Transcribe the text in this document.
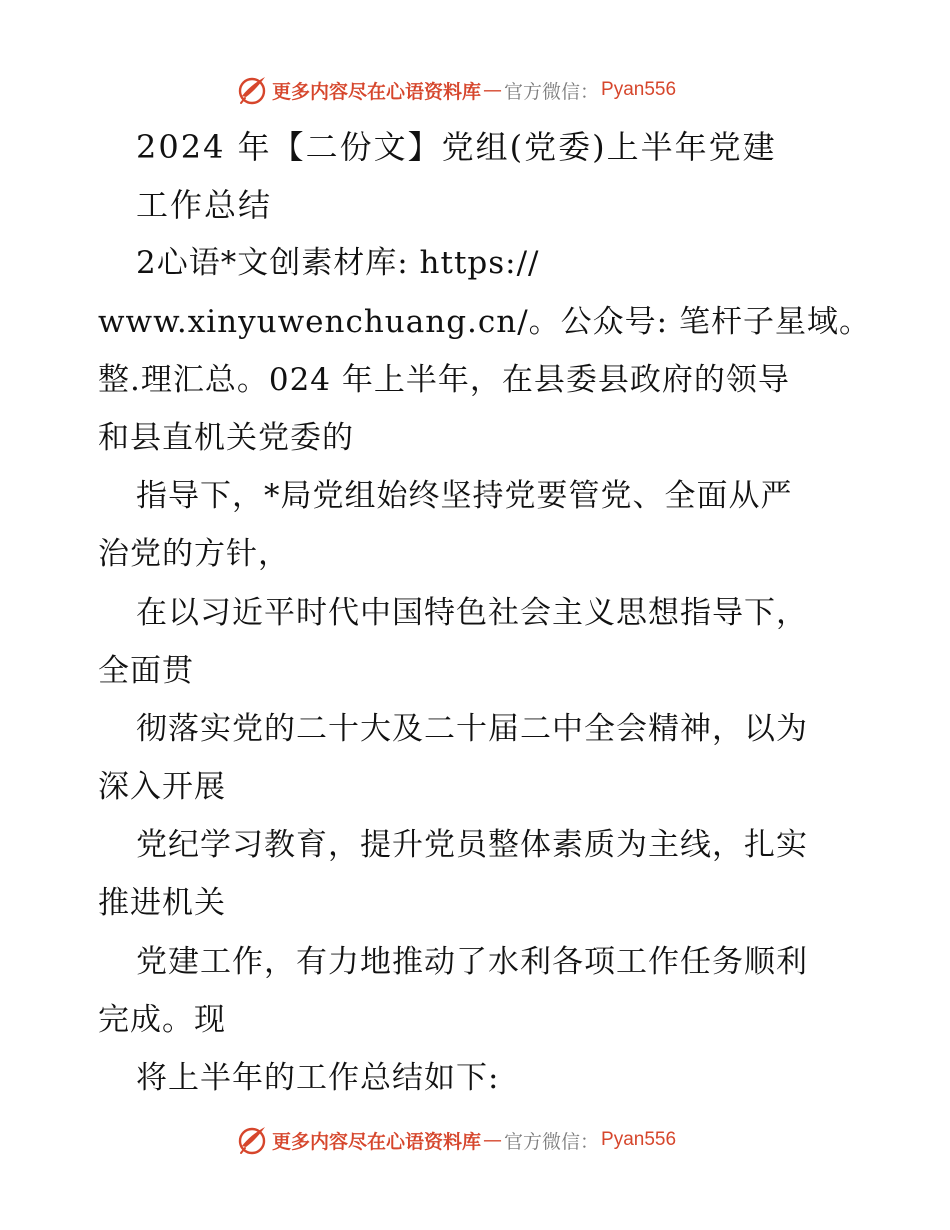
更多内容尽在心语资料库 — 官方微信： Pyan556
2024 年【二份文】党组(党委)上半年党建
工作总结
2心语*文创素材库: https://
www.xinyuwenchuang.cn/。公众号: 笔杆子星域。
整.理汇总。024 年上半年，在县委县政府的领导
和县直机关党委的
指导下，*局党组始终坚持党要管党、全面从严
治党的方针，
在以习近平时代中国特色社会主义思想指导下，
全面贯
彻落实党的二十大及二十届二中全会精神，以为
深入开展
党纪学习教育，提升党员整体素质为主线，扎实
推进机关
党建工作，有力地推动了水利各项工作任务顺利
完成。现
将上半年的工作总结如下:
更多内容尽在心语资料库 — 官方微信： Pyan556
